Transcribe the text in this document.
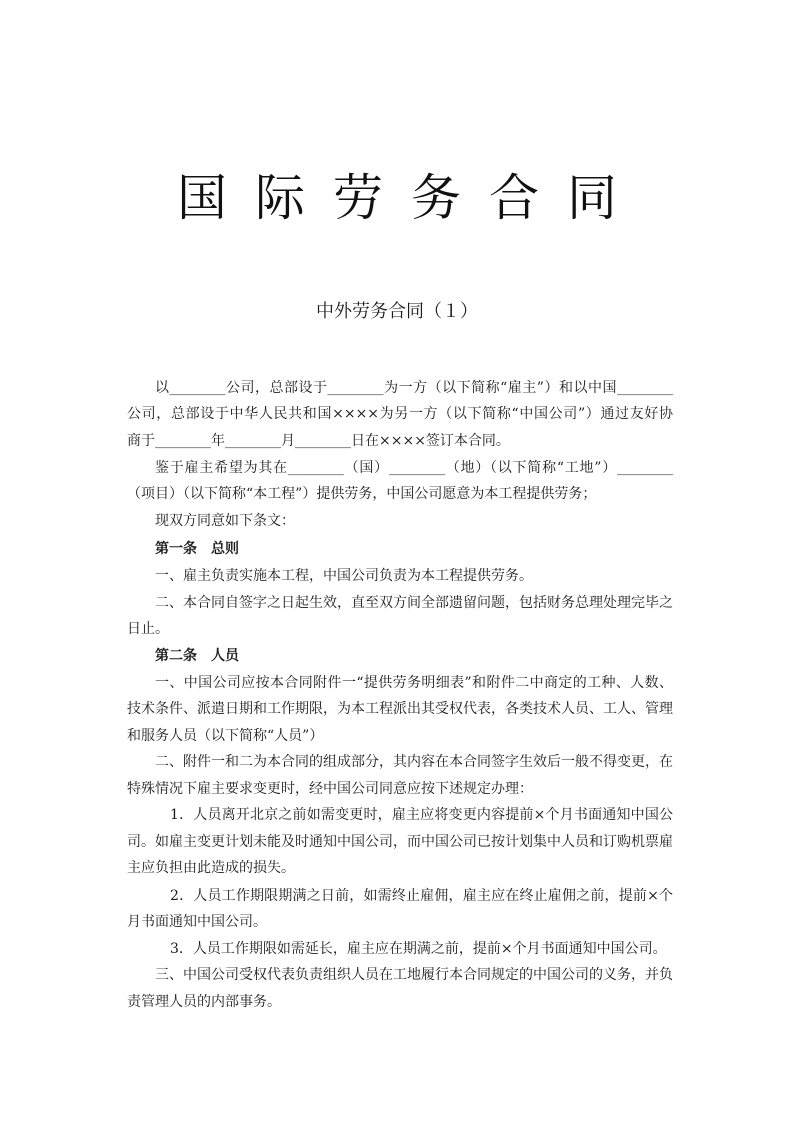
国际劳务合同
中外劳务合同（１）
以________公司，总部设于________为一方（以下简称“雇主”）和以中国________
公司，总部设于中华人民共和国××××为另一方（以下简称“中国公司”）通过友好协
商于________年________月________日在××××签订本合同。
鉴于雇主希望为其在________（国）________（地）（以下简称“工地”）________
（项目）（以下简称“本工程”）提供劳务，中国公司愿意为本工程提供劳务；
现双方同意如下条文：
第一条　总则
一、雇主负责实施本工程，中国公司负责为本工程提供劳务。
二、本合同自签字之日起生效，直至双方间全部遗留问题，包括财务总理处理完毕之
日止。
第二条　人员
一、中国公司应按本合同附件一“提供劳务明细表”和附件二中商定的工种、人数、
技术条件、派遣日期和工作期限，为本工程派出其受权代表，各类技术人员、工人、管理
和服务人员（以下简称“人员”）
二、附件一和二为本合同的组成部分，其内容在本合同签字生效后一般不得变更，在
特殊情况下雇主要求变更时，经中国公司同意应按下述规定办理：
1．人员离开北京之前如需变更时，雇主应将变更内容提前×个月书面通知中国公
司。如雇主变更计划未能及时通知中国公司，而中国公司已按计划集中人员和订购机票雇
主应负担由此造成的损失。
2．人员工作期限期满之日前，如需终止雇佣，雇主应在终止雇佣之前，提前×个
月书面通知中国公司。
3．人员工作期限如需延长，雇主应在期满之前，提前×个月书面通知中国公司。
三、中国公司受权代表负责组织人员在工地履行本合同规定的中国公司的义务，并负
责管理人员的内部事务。
